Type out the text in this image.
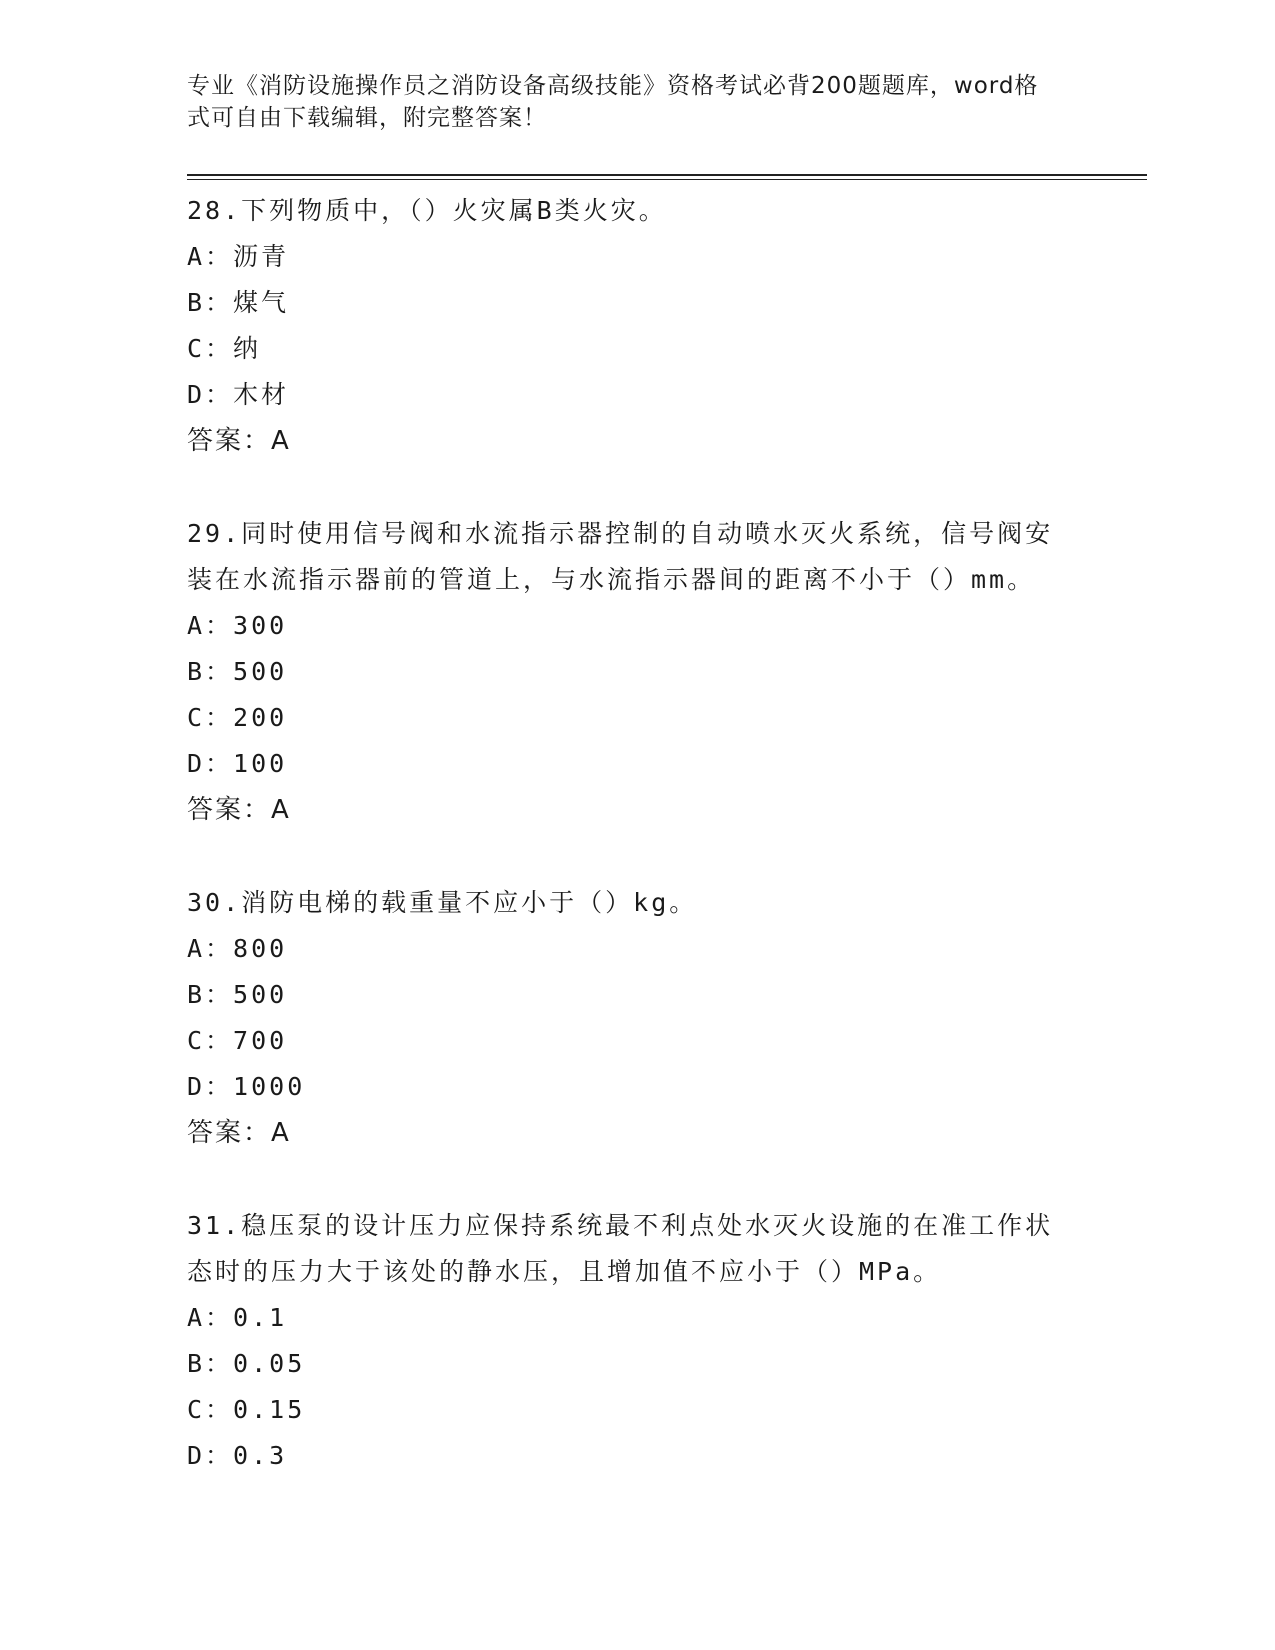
专业《消防设施操作员之消防设备高级技能》资格考试必背200题题库，word格

式可自由下载编辑，附完整答案！

28.下列物质中，（）火灾属B类火灾。

A：沥青

B：煤气

C：纳

D：木材

答案：A

29.同时使用信号阀和水流指示器控制的自动喷水灭火系统，信号阀安

装在水流指示器前的管道上，与水流指示器间的距离不小于（）mm。

A：300

B：500

C：200

D：100

答案：A

30.消防电梯的载重量不应小于（）kg。

A：800

B：500

C：700

D：1000

答案：A

31.稳压泵的设计压力应保持系统最不利点处水灭火设施的在准工作状

态时的压力大于该处的静水压，且增加值不应小于（）MPa。

A：0.1

B：0.05

C：0.15

D：0.3
